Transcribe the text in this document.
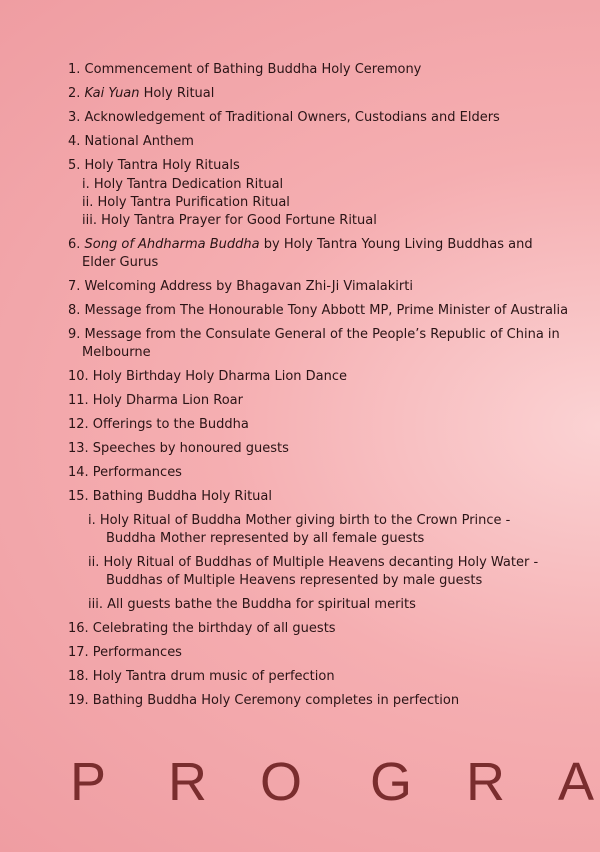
1. Commencement of Bathing Buddha Holy Ceremony
2. Kai Yuan Holy Ritual
3. Acknowledgement of Traditional Owners, Custodians and Elders
4. National Anthem
5. Holy Tantra Holy Rituals
i. Holy Tantra Dedication Ritual
ii. Holy Tantra Purification Ritual
iii. Holy Tantra Prayer for Good Fortune Ritual
6. Song of Ahdharma Buddha by Holy Tantra Young Living Buddhas and
Elder Gurus
7. Welcoming Address by Bhagavan Zhi-Ji Vimalakirti
8. Message from The Honourable Tony Abbott MP, Prime Minister of Australia
9. Message from the Consulate General of the People’s Republic of China in
Melbourne
10. Holy Birthday Holy Dharma Lion Dance
11. Holy Dharma Lion Roar
12. Offerings to the Buddha
13. Speeches by honoured guests
14. Performances
15. Bathing Buddha Holy Ritual
i. Holy Ritual of Buddha Mother giving birth to the Crown Prince -
Buddha Mother represented by all female guests
ii. Holy Ritual of Buddhas of Multiple Heavens decanting Holy Water -
Buddhas of Multiple Heavens represented by male guests
iii. All guests bathe the Buddha for spiritual merits
16. Celebrating the birthday of all guests
17. Performances
18. Holy Tantra drum music of perfection
19. Bathing Buddha Holy Ceremony completes in perfection
P R O G R A
